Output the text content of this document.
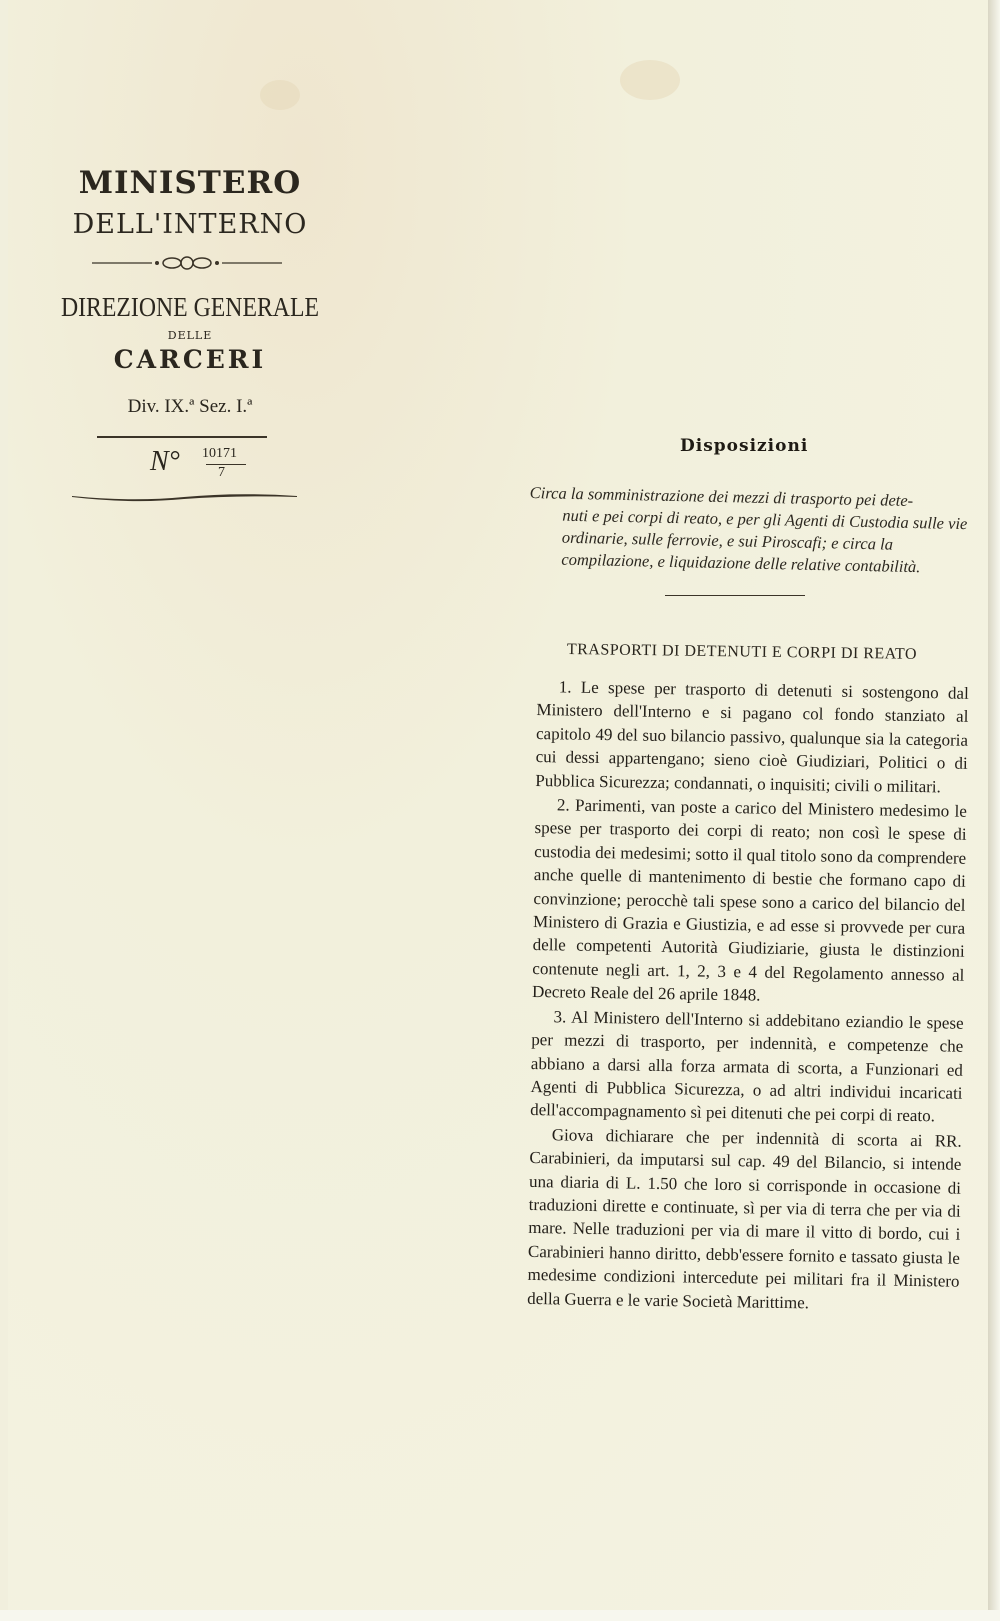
MINISTERO
DELL'INTERNO
DIREZIONE GENERALE
DELLE
CARCERI
Div. IX.ª Sez. I.ª
N° 10171
7
Disposizioni

Circa la somministrazione dei mezzi di trasporto pei dete-

nuti e pei corpi di reato, e per gli Agenti di Custodia sulle vie ordinarie, sulle ferrovie, e sui Piroscafi; e circa la compilazione, e liquidazione delle relative contabilità.

TRASPORTI DI DETENUTI E CORPI DI REATO

1. Le spese per trasporto di detenuti si sostengono dal Ministero dell'Interno e si pagano col fondo stanziato al capitolo 49 del suo bilancio passivo, qualunque sia la categoria cui dessi appartengano; sieno cioè Giudiziari, Politici o di Pubblica Sicurezza; condannati, o inquisiti; civili o militari.

2. Parimenti, van poste a carico del Ministero medesimo le spese per trasporto dei corpi di reato; non così le spese di custodia dei medesimi; sotto il qual titolo sono da comprendere anche quelle di mantenimento di bestie che formano capo di convinzione; perocchè tali spese sono a carico del bilancio del Ministero di Grazia e Giustizia, e ad esse si provvede per cura delle competenti Autorità Giudiziarie, giusta le distinzioni contenute negli art. 1, 2, 3 e 4 del Regolamento annesso al Decreto Reale del 26 aprile 1848.

3. Al Ministero dell'Interno si addebitano eziandio le spese per mezzi di trasporto, per indennità, e competenze che abbiano a darsi alla forza armata di scorta, a Funzionari ed Agenti di Pubblica Sicurezza, o ad altri individui incaricati dell'accompagnamento sì pei ditenuti che pei corpi di reato.

Giova dichiarare che per indennità di scorta ai RR. Carabinieri, da imputarsi sul cap. 49 del Bilancio, si intende una diaria di L. 1.50 che loro si corrisponde in occasione di traduzioni dirette e continuate, sì per via di terra che per via di mare. Nelle traduzioni per via di mare il vitto di bordo, cui i Carabinieri hanno diritto, debb'essere fornito e tassato giusta le medesime condizioni intercedute pei militari fra il Ministero della Guerra e le varie Società Marittime.
